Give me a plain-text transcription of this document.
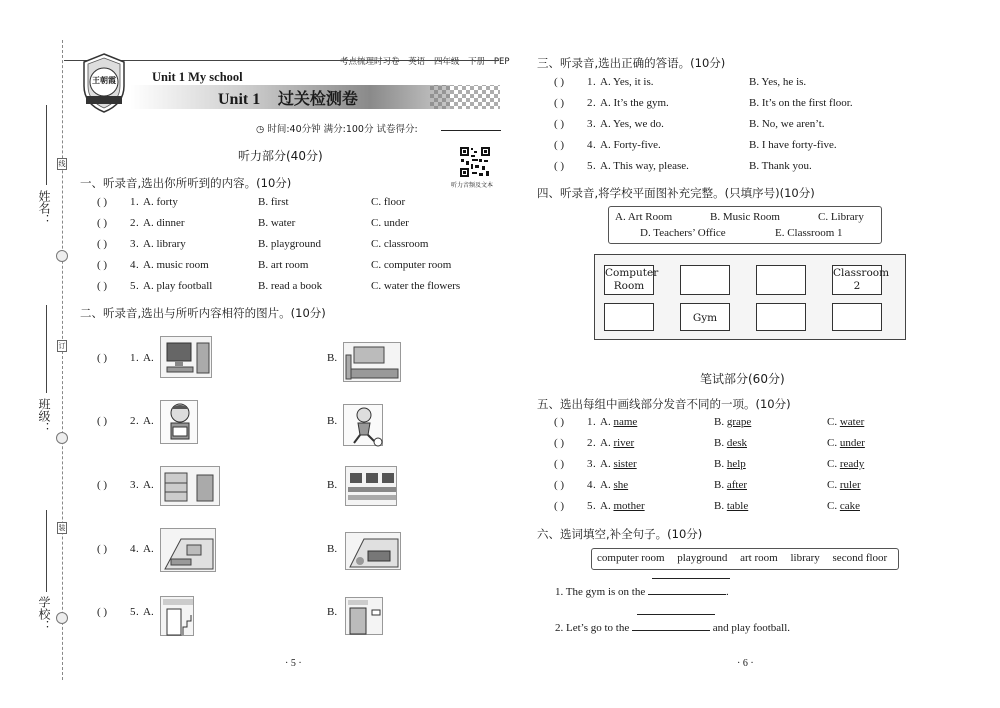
姓名：
班级：
学校：
线
订
装
考点梳理时习卷 英语 四年级 下册 PEP
王朝霞	Unit 1 My school
Unit 1 过关检测卷
◷ 时间:40分钟 满分:100分 试卷得分:
听力音频及文本
听力部分(40分)
一、听录音,选出你所听到的内容。(10分)
( ) 1 . A. forty	B. first	C. floor
( ) 2 . A. dinner	B. water	C. under
( ) 3 . A. library	B. playground	C. classroom
( ) 4 . A. music room	B. art room	C. computer room
( ) 5 . A. play football	B. read a book	C. water the flowers
二、听录音,选出与所听内容相符的图片。(10分)
( ) 1 . A.	B.
( ) 2 . A.	B.
( ) 3 . A.	B.
( ) 4 . A.	B.
( ) 5 . A.	B.
· 5 ·
三、听录音,选出正确的答语。(10分)
( ) 1 . A. Yes, it is.	B. Yes, he is.
( ) 2 . A. It’s the gym.	B. It’s on the first floor.
( ) 3 . A. Yes, we do.	B. No, we aren’t.
( ) 4 . A. Forty-five.	B. I have forty-five.
( ) 5 . A. This way, please.	B. Thank you.
四、听录音,将学校平面图补充完整。(只填序号)(10分)
A. Art Room	B. Music Room	C. Library
D. Teachers’ Office	E. Classroom 1
Computer Room
Classroom 2
Gym
笔试部分(60分)
五、选出每组中画线部分发音不同的一项。(10分)
( ) 1 . A. name	B. grape	C. water
( ) 2 . A. river	B. desk	C. under
( ) 3 . A. sister	B. help	C. ready
( ) 4 . A. she	B. after	C. ruler
( ) 5 . A. mother	B. table	C. cake
六、选词填空,补全句子。(10分)
computer room playground art room library second floor
1. The gym is on the	.
2. Let’s go to the	and play football.
· 6 ·
